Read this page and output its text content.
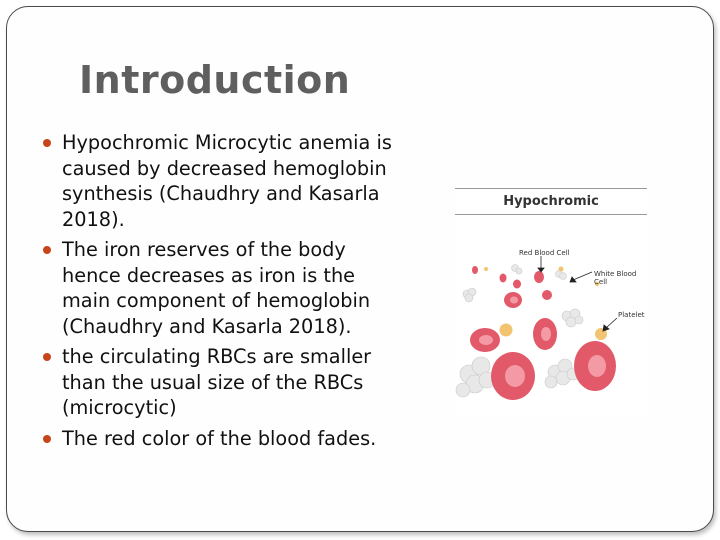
Introduction
Hypochromic Microcytic anemia is caused by decreased hemoglobin synthesis (Chaudhry and Kasarla 2018).
The iron reserves of the body hence decreases as iron is the main component of hemoglobin (Chaudhry and Kasarla 2018).
the circulating RBCs are smaller than the usual size of the RBCs (microcytic)
The red color of the blood fades.
Hypochromic
Red Blood Cell
White Blood Cell
Platelet
